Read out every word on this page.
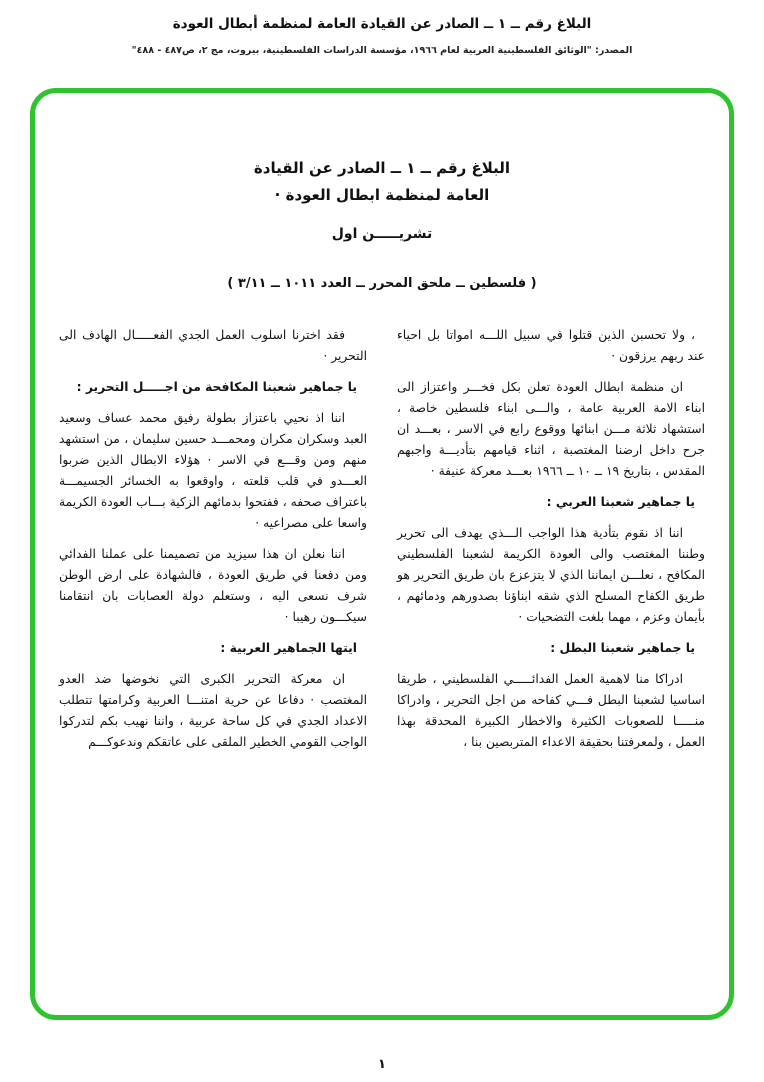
البلاغ رقم ــ ١ ــ الصادر عن القيادة العامة لمنظمة أبطال العودة
المصدر: "الوثائق الفلسطينية العربية لعام ١٩٦٦، مؤسسة الدراسات الفلسطينية، بيروت، مج ٢، ص٤٨٧ - ٤٨٨"
البلاغ رقم ــ ١ ــ الصادر عن القيادة
العامة لمنظمة ابطال العودة ·
تشريـــــن اول
( فلسطين ــ ملحق المحرر ــ العدد ١٠١١ ــ ٣/١١ )

، ولا تحسبن الذين قتلوا في سبيل اللـــه امواتا بل احياء عند ربهم يرزقون ·

ان منظمة ابطال العودة تعلن بكل فخـــر واعتزاز الى ابناء الامة العربية عامة ، والـــى ابناء فلسطين خاصة ، استشهاد ثلاثة مـــن ابنائها ووقوع رابع في الاسر ، بعـــد ان جرح داخل ارضنا المغتصبة ، اثناء قيامهم بتأديـــة واجبهم المقدس ، بتاريخ ١٩ ــ ١٠ ــ ١٩٦٦ بعـــد معركة عنيفة ·

يا جماهير شعبنا العربي :

اننا اذ نقوم بتأدية هذا الواجب الـــذي يهدف الى تحرير وطننا المغتصب والى العودة الكريمة لشعبنا الفلسطيني المكافح ، نعلـــن ايماننا الذي لا يتزعزع بان طريق التحرير هو طريق الكفاح المسلح الذي شقه ابناؤنا بصدورهم ودمائهم ، بأيمان وعزم ، مهما بلغت التضحيات ·

يا جماهير شعبنا البطل :

ادراكا منا لاهمية العمل الفدائـــــي الفلسطيني ، طريقا اساسيا لشعبنا البطل فـــي كفاحه من اجل التحرير ، وادراكا منـــــا للصعوبات الكثيرة والاخطار الكبيرة المحدقة بهذا العمل ، ولمعرفتنا بحقيقة الاعداء المتربصين بنا ،

فقد اخترنا اسلوب العمل الجدي الفعـــــال الهادف الى التحرير ·

يا جماهير شعبنا المكافحة من اجـــــل التحرير :

اننا اذ نحيي باعتزاز بطولة رفيق محمد عساف وسعيد العبد وسكران مكران ومحمـــد حسين سليمان ، من استشهد منهم ومن وقـــع في الاسر · هؤلاء الابطال الذين ضربوا العـــدو في قلب قلعته ، واوقعوا به الخسائر الجسيمـــة باعتراف صحفه ، ففتحوا بدمائهم الزكية بـــاب العودة الكريمة واسعا على مصراعيه ·

اننا نعلن ان هذا سيزيد من تصميمنا على عملنا الفدائي ومن دفعنا في طريق العودة ، فالشهادة على ارض الوطن شرف نسعى اليه ، وستعلم دولة العصابات بان انتقامنا سيكـــون رهيبا ·

ايتها الجماهير العربية :

ان معركة التحرير الكبرى التي نخوضها ضد العدو المغتصب · دفاعا عن حرية امتنـــا العربية وكرامتها تتطلب الاعداد الجدي في كل ساحة عربية ، واننا نهيب بكم لتدركوا الواجب القومي الخطير الملقى على عاتقكم وندعوكـــم

١
